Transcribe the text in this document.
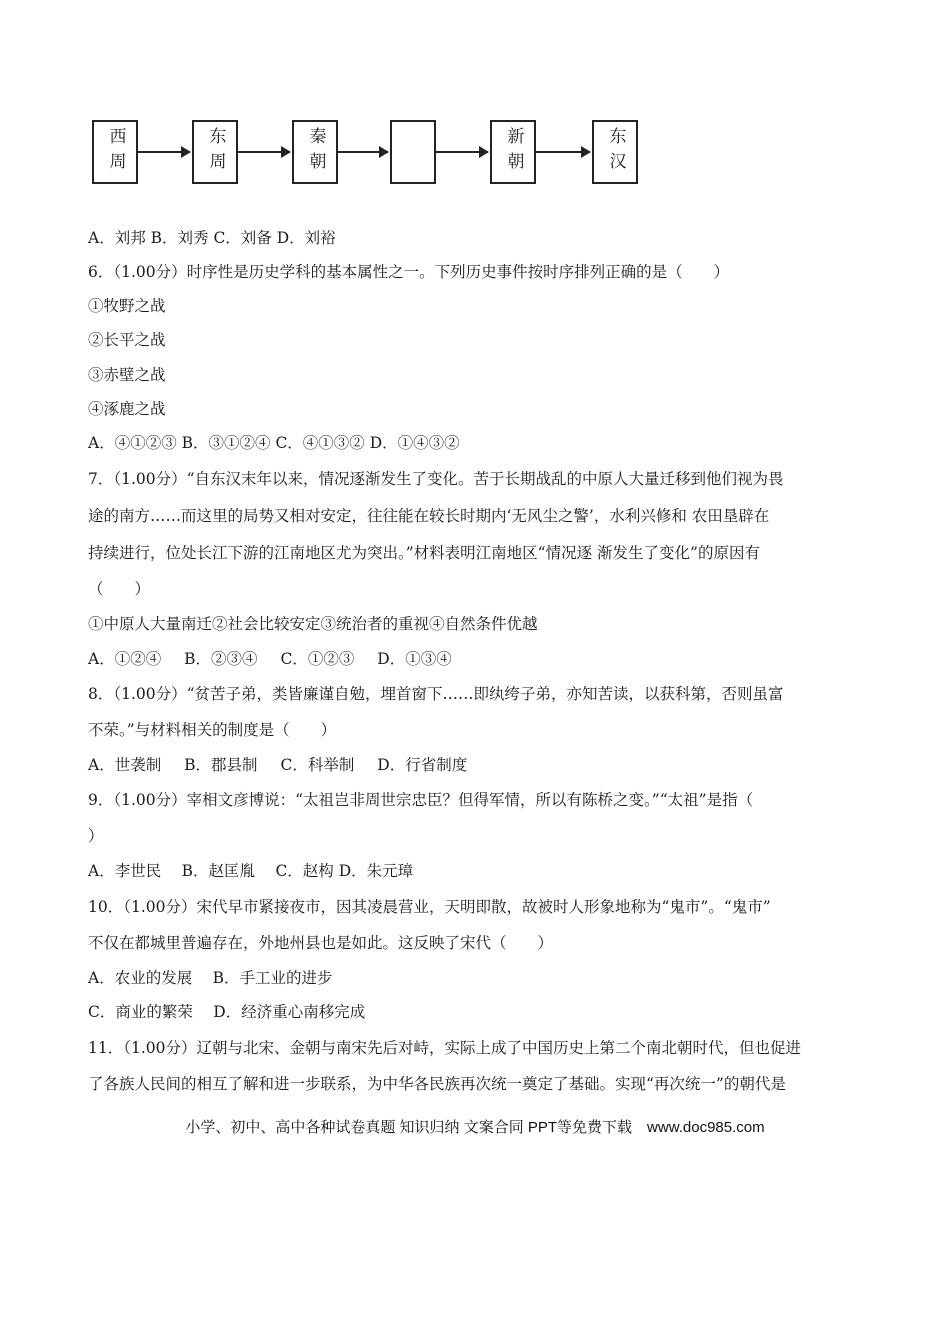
西周	东周	秦朝	新朝	东汉
A．刘邦 B．刘秀 C．刘备 D．刘裕
6．（1.00分）时序性是历史学科的基本属性之一。下列历史事件按时序排列正确的是（　　）
①牧野之战
②长平之战
③赤壁之战
④涿鹿之战
A．④①②③ B．③①②④ C．④①③② D．①④③②
7．（1.00分）“自东汉末年以来，情况逐渐发生了变化。苦于长期战乱的中原人大量迁移到他们视为畏
途的南方……而这里的局势又相对安定，往往能在较长时期内‘无风尘之警’，水利兴修和 农田垦辟在
持续进行，位处长江下游的江南地区尤为突出。”材料表明江南地区“情况逐 渐发生了变化”的原因有
（　　）
①中原人大量南迁②社会比较安定③统治者的重视④自然条件优越
A．①②④ B．②③④ C．①②③ D．①③④
8．（1.00分）“贫苦子弟，类皆廉谨自勉，埋首窗下……即纨绔子弟，亦知苦读，以获科第，否则虽富
不荣。”与材料相关的制度是（　　）
A．世袭制 B．郡县制 C．科举制 D．行省制度
9．（1.00分）宰相文彦博说：“太祖岂非周世宗忠臣？但得军情，所以有陈桥之变。”“太祖”是指（
）
A．李世民　 B．赵匡胤　 C．赵构 D．朱元璋
10．（1.00分）宋代早市紧接夜市，因其凌晨营业，天明即散，故被时人形象地称为“鬼市”。“鬼市”
不仅在都城里普遍存在，外地州县也是如此。这反映了宋代（　　）
A．农业的发展　 B．手工业的进步
C．商业的繁荣　 D．经济重心南移完成
11．（1.00分）辽朝与北宋、金朝与南宋先后对峙，实际上成了中国历史上第二个南北朝时代，但也促进
了各族人民间的相互了解和进一步联系，为中华各民族再次统一奠定了基础。实现“再次统一”的朝代是
小学、初中、高中各种试卷真题 知识归纳 文案合同 PPT等免费下载　www.doc985.com
